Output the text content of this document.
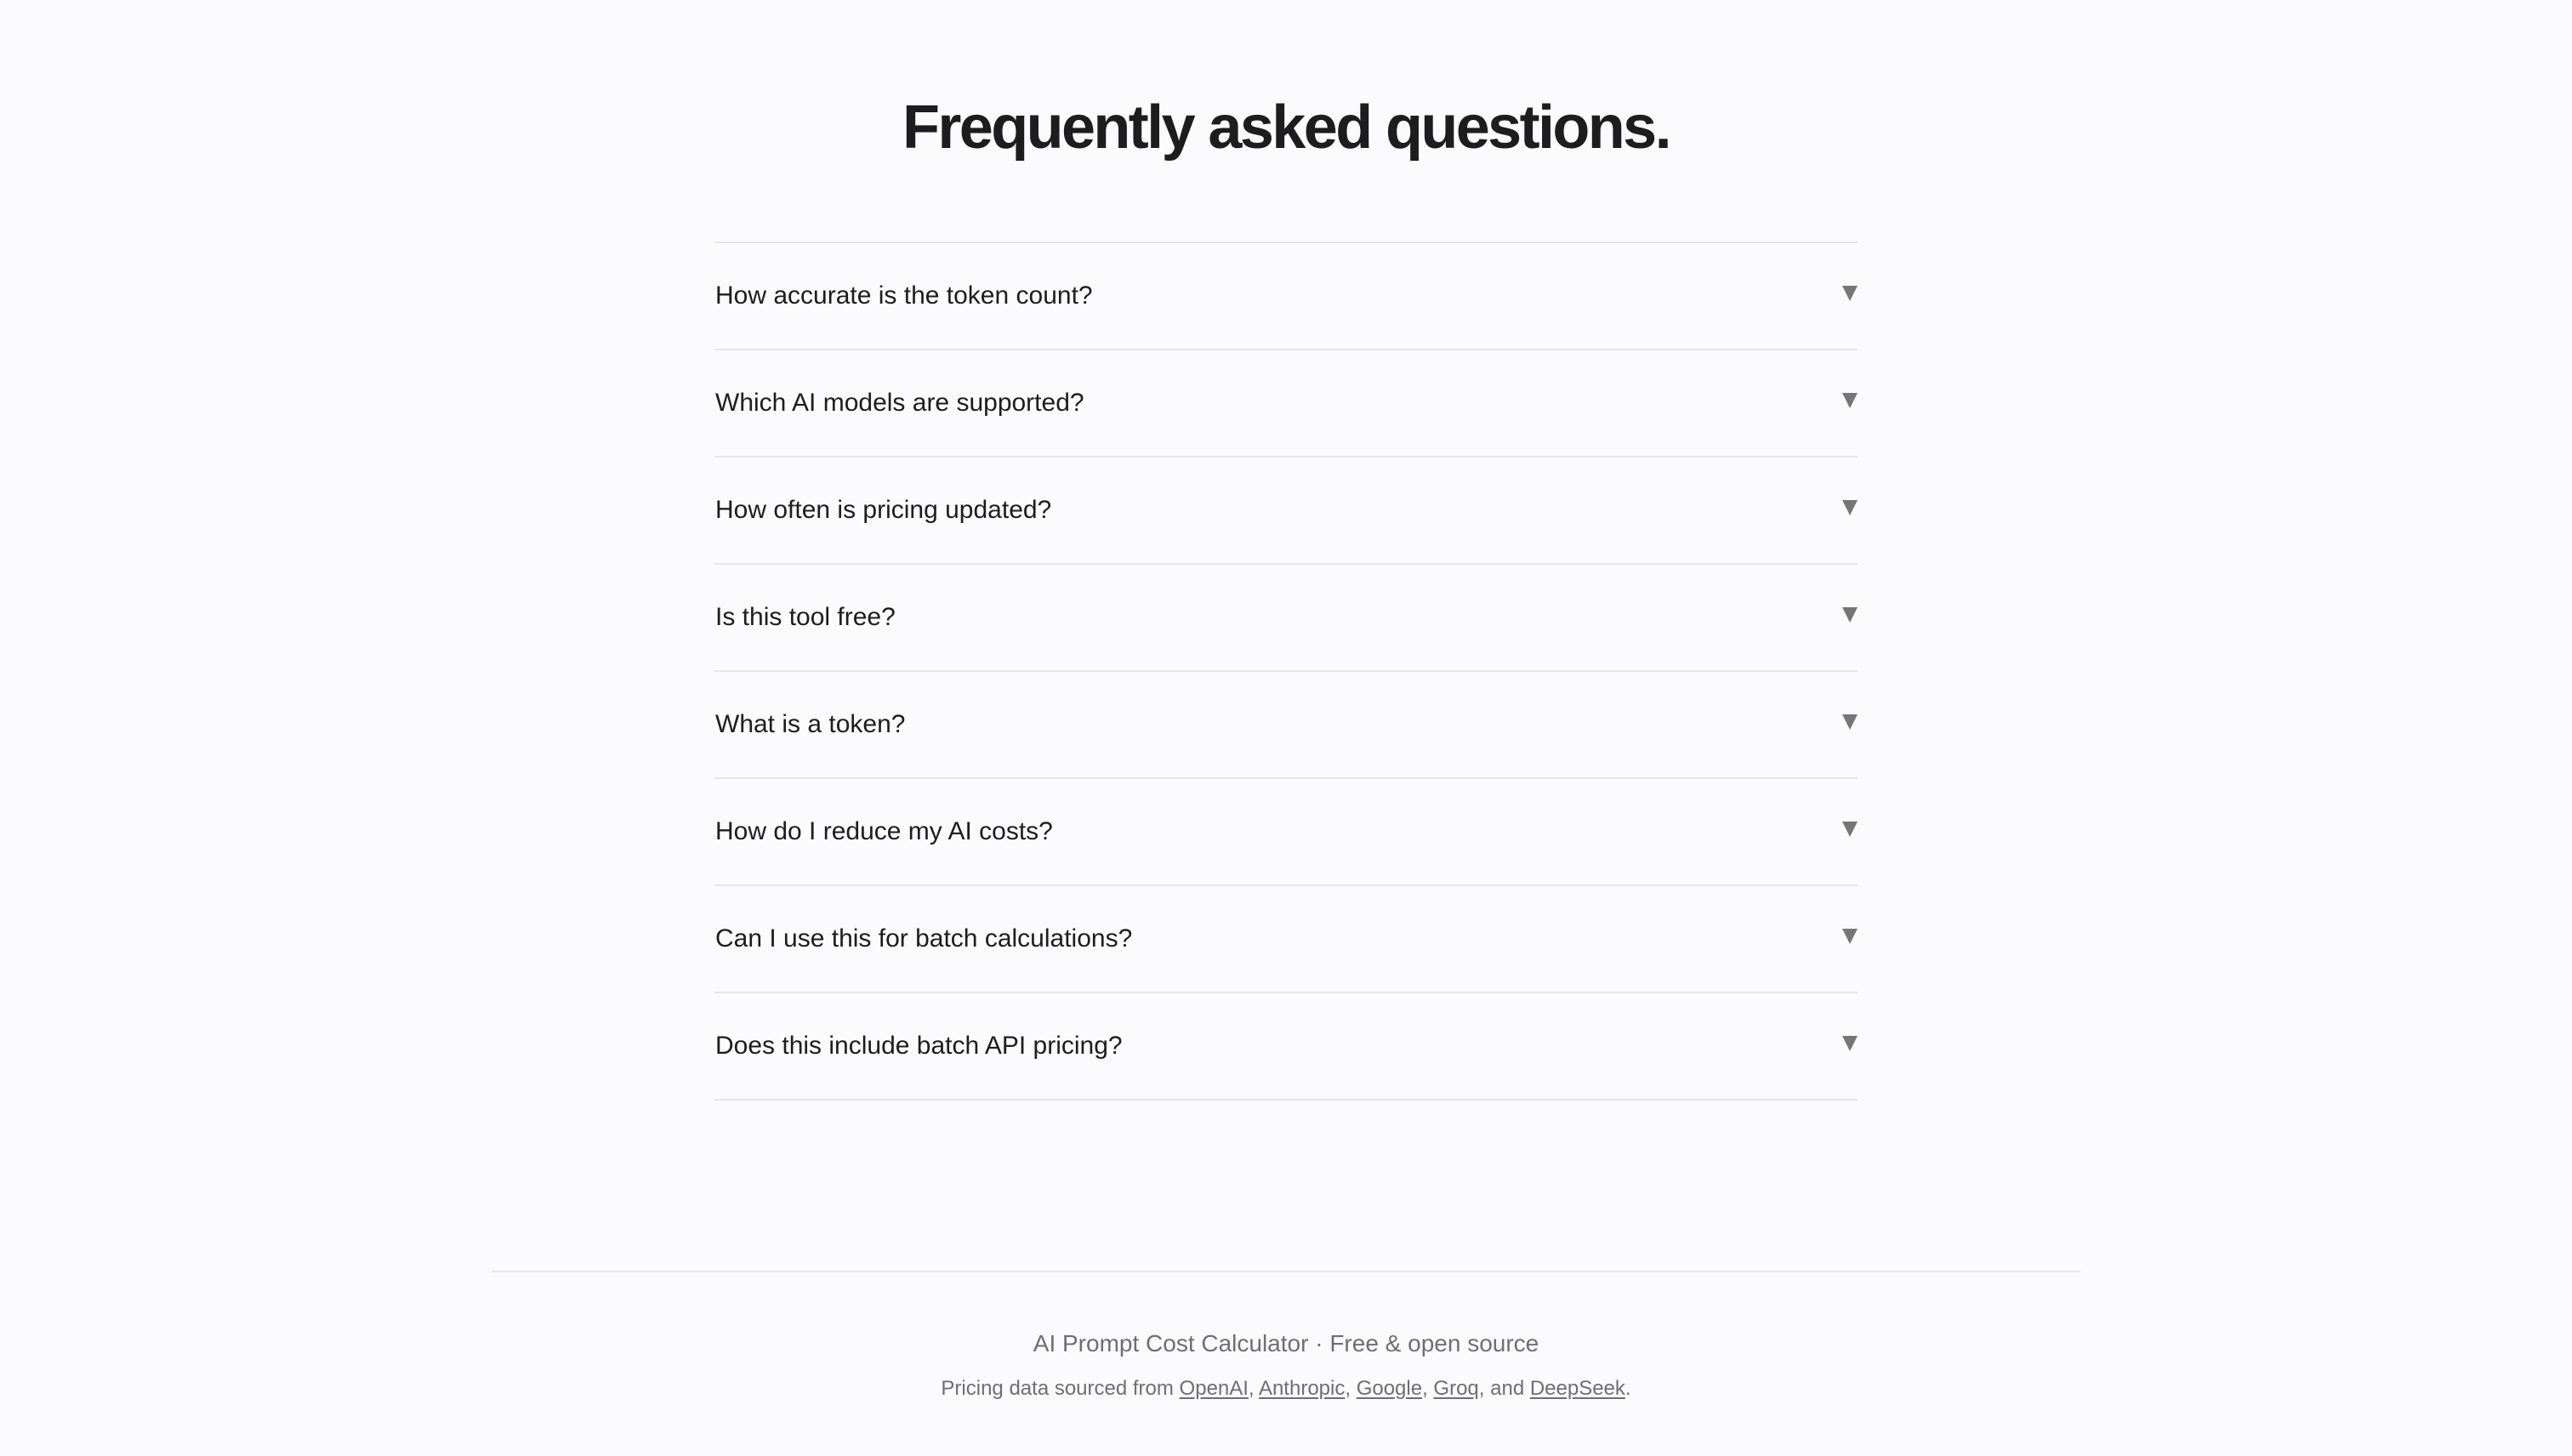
Frequently asked questions.
How accurate is the token count?
Which AI models are supported?
How often is pricing updated?
Is this tool free?
What is a token?
How do I reduce my AI costs?
Can I use this for batch calculations?
Does this include batch API pricing?
AI Prompt Cost Calculator · Free & open source
Pricing data sourced from OpenAI, Anthropic, Google, Groq, and DeepSeek.
